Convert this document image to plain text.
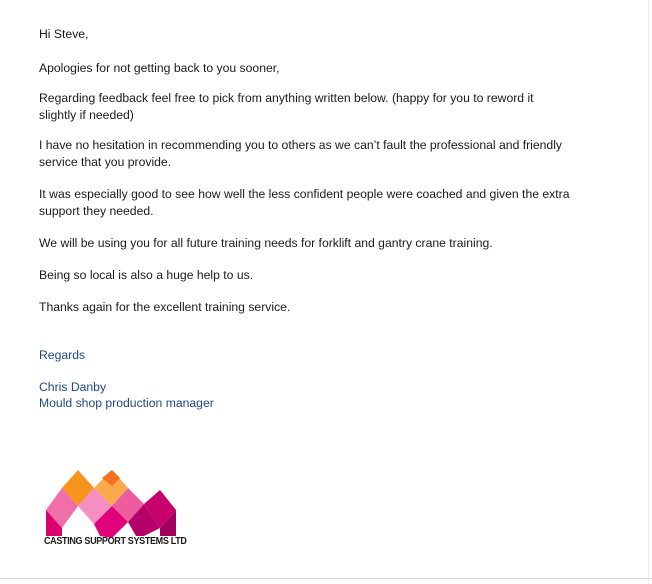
Hi Steve,

Apologies for not getting back to you sooner,

Regarding feedback feel free to pick from anything written below. (happy for you to reword it slightly if needed)

I have no hesitation in recommending you to others as we can’t fault the professional and friendly service that you provide.

It was especially good to see how well the less confident people were coached and given the extra support they needed.

We will be using you for all future training needs for forklift and gantry crane training.

Being so local is also a huge help to us.

Thanks again for the excellent training service.

Regards

Chris Danby

Mould shop production manager

CASTING SUPPORT SYSTEMS LTD
